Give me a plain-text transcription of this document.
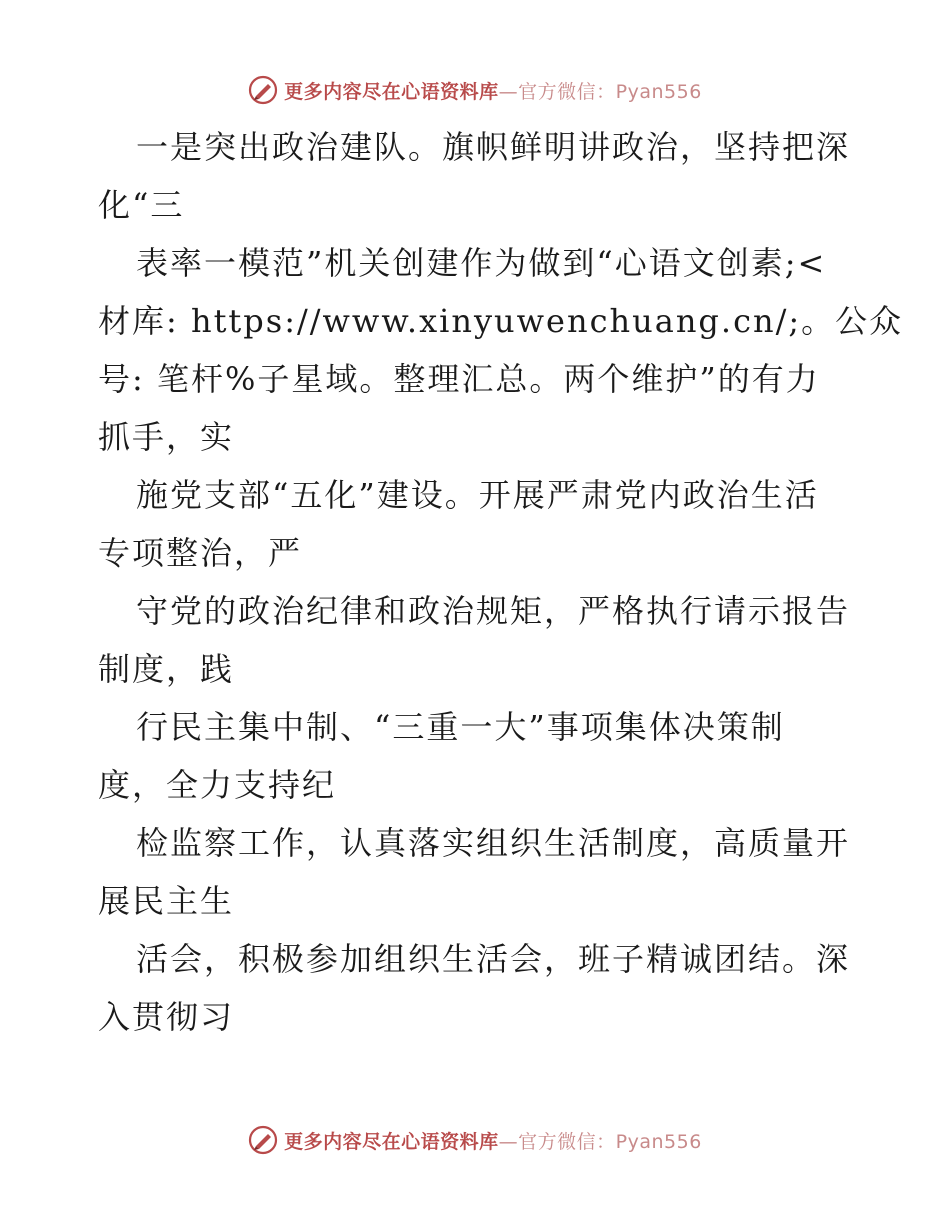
更多内容尽在心语资料库—官方微信：Pyan556
一是突出政治建队。旗帜鲜明讲政治，坚持把深
化“三
表率一模范”机关创建作为做到“心语文创素;<
材库: https://www.xinyuwenchuang.cn/;。公众
号: 笔杆%子星域。整理汇总。两个维护”的有力
抓手，实
施党支部“五化”建设。开展严肃党内政治生活
专项整治，严
守党的政治纪律和政治规矩，严格执行请示报告
制度，践
行民主集中制、“三重一大”事项集体决策制
度，全力支持纪
检监察工作，认真落实组织生活制度，高质量开
展民主生
活会，积极参加组织生活会，班子精诚团结。深
入贯彻习
更多内容尽在心语资料库—官方微信：Pyan556
